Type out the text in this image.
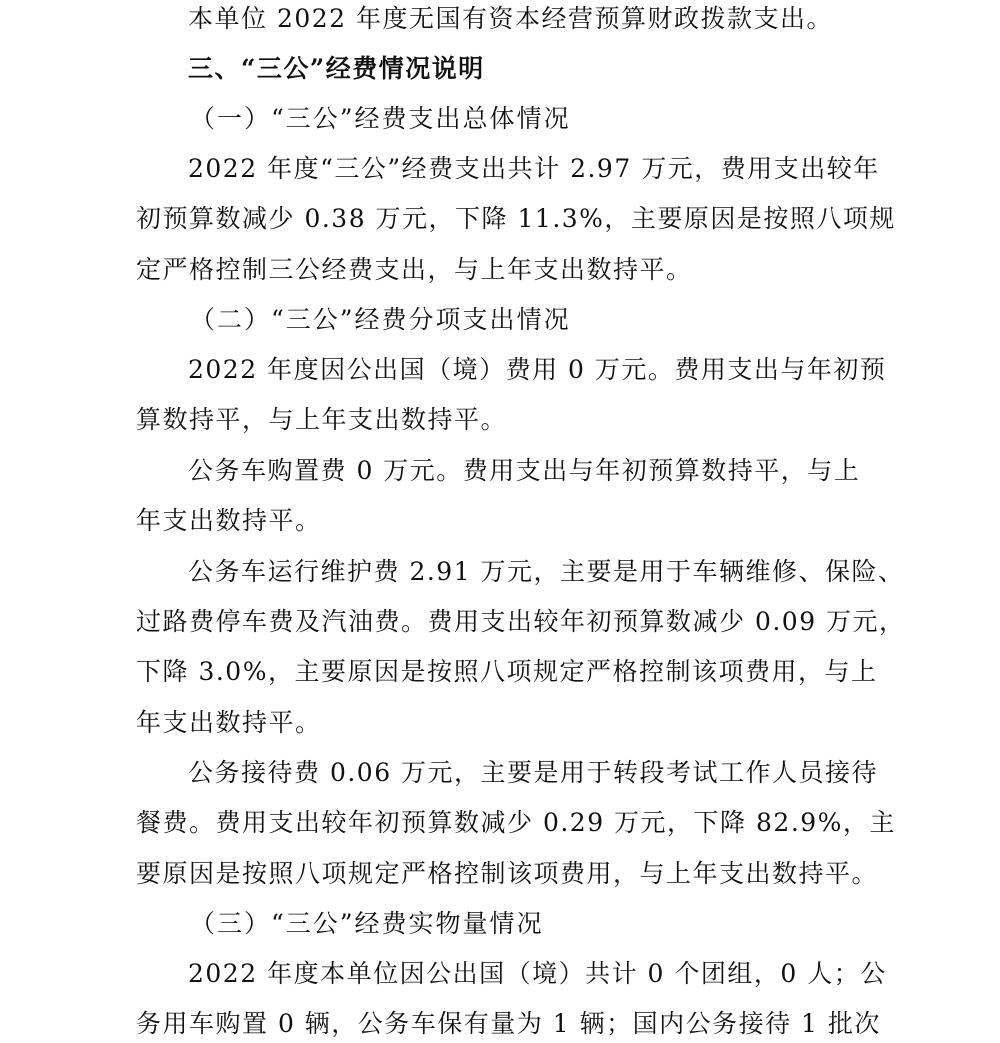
本单位 2022 年度无国有资本经营预算财政拨款支出。
三、“三公”经费情况说明
（一）“三公”经费支出总体情况
2022 年度“三公”经费支出共计 2.97 万元，费用支出较年
初预算数减少 0.38 万元，下降 11.3%，主要原因是按照八项规
定严格控制三公经费支出，与上年支出数持平。
（二）“三公”经费分项支出情况
2022 年度因公出国（境）费用 0 万元。费用支出与年初预
算数持平，与上年支出数持平。
公务车购置费 0 万元。费用支出与年初预算数持平，与上
年支出数持平。
公务车运行维护费 2.91 万元，主要是用于车辆维修、保险、
过路费停车费及汽油费。费用支出较年初预算数减少 0.09 万元，
下降 3.0%，主要原因是按照八项规定严格控制该项费用，与上
年支出数持平。
公务接待费 0.06 万元，主要是用于转段考试工作人员接待
餐费。费用支出较年初预算数减少 0.29 万元，下降 82.9%，主
要原因是按照八项规定严格控制该项费用，与上年支出数持平。
（三）“三公”经费实物量情况
2022 年度本单位因公出国（境）共计 0 个团组，0 人；公
务用车购置 0 辆，公务车保有量为 1 辆；国内公务接待 1 批次
